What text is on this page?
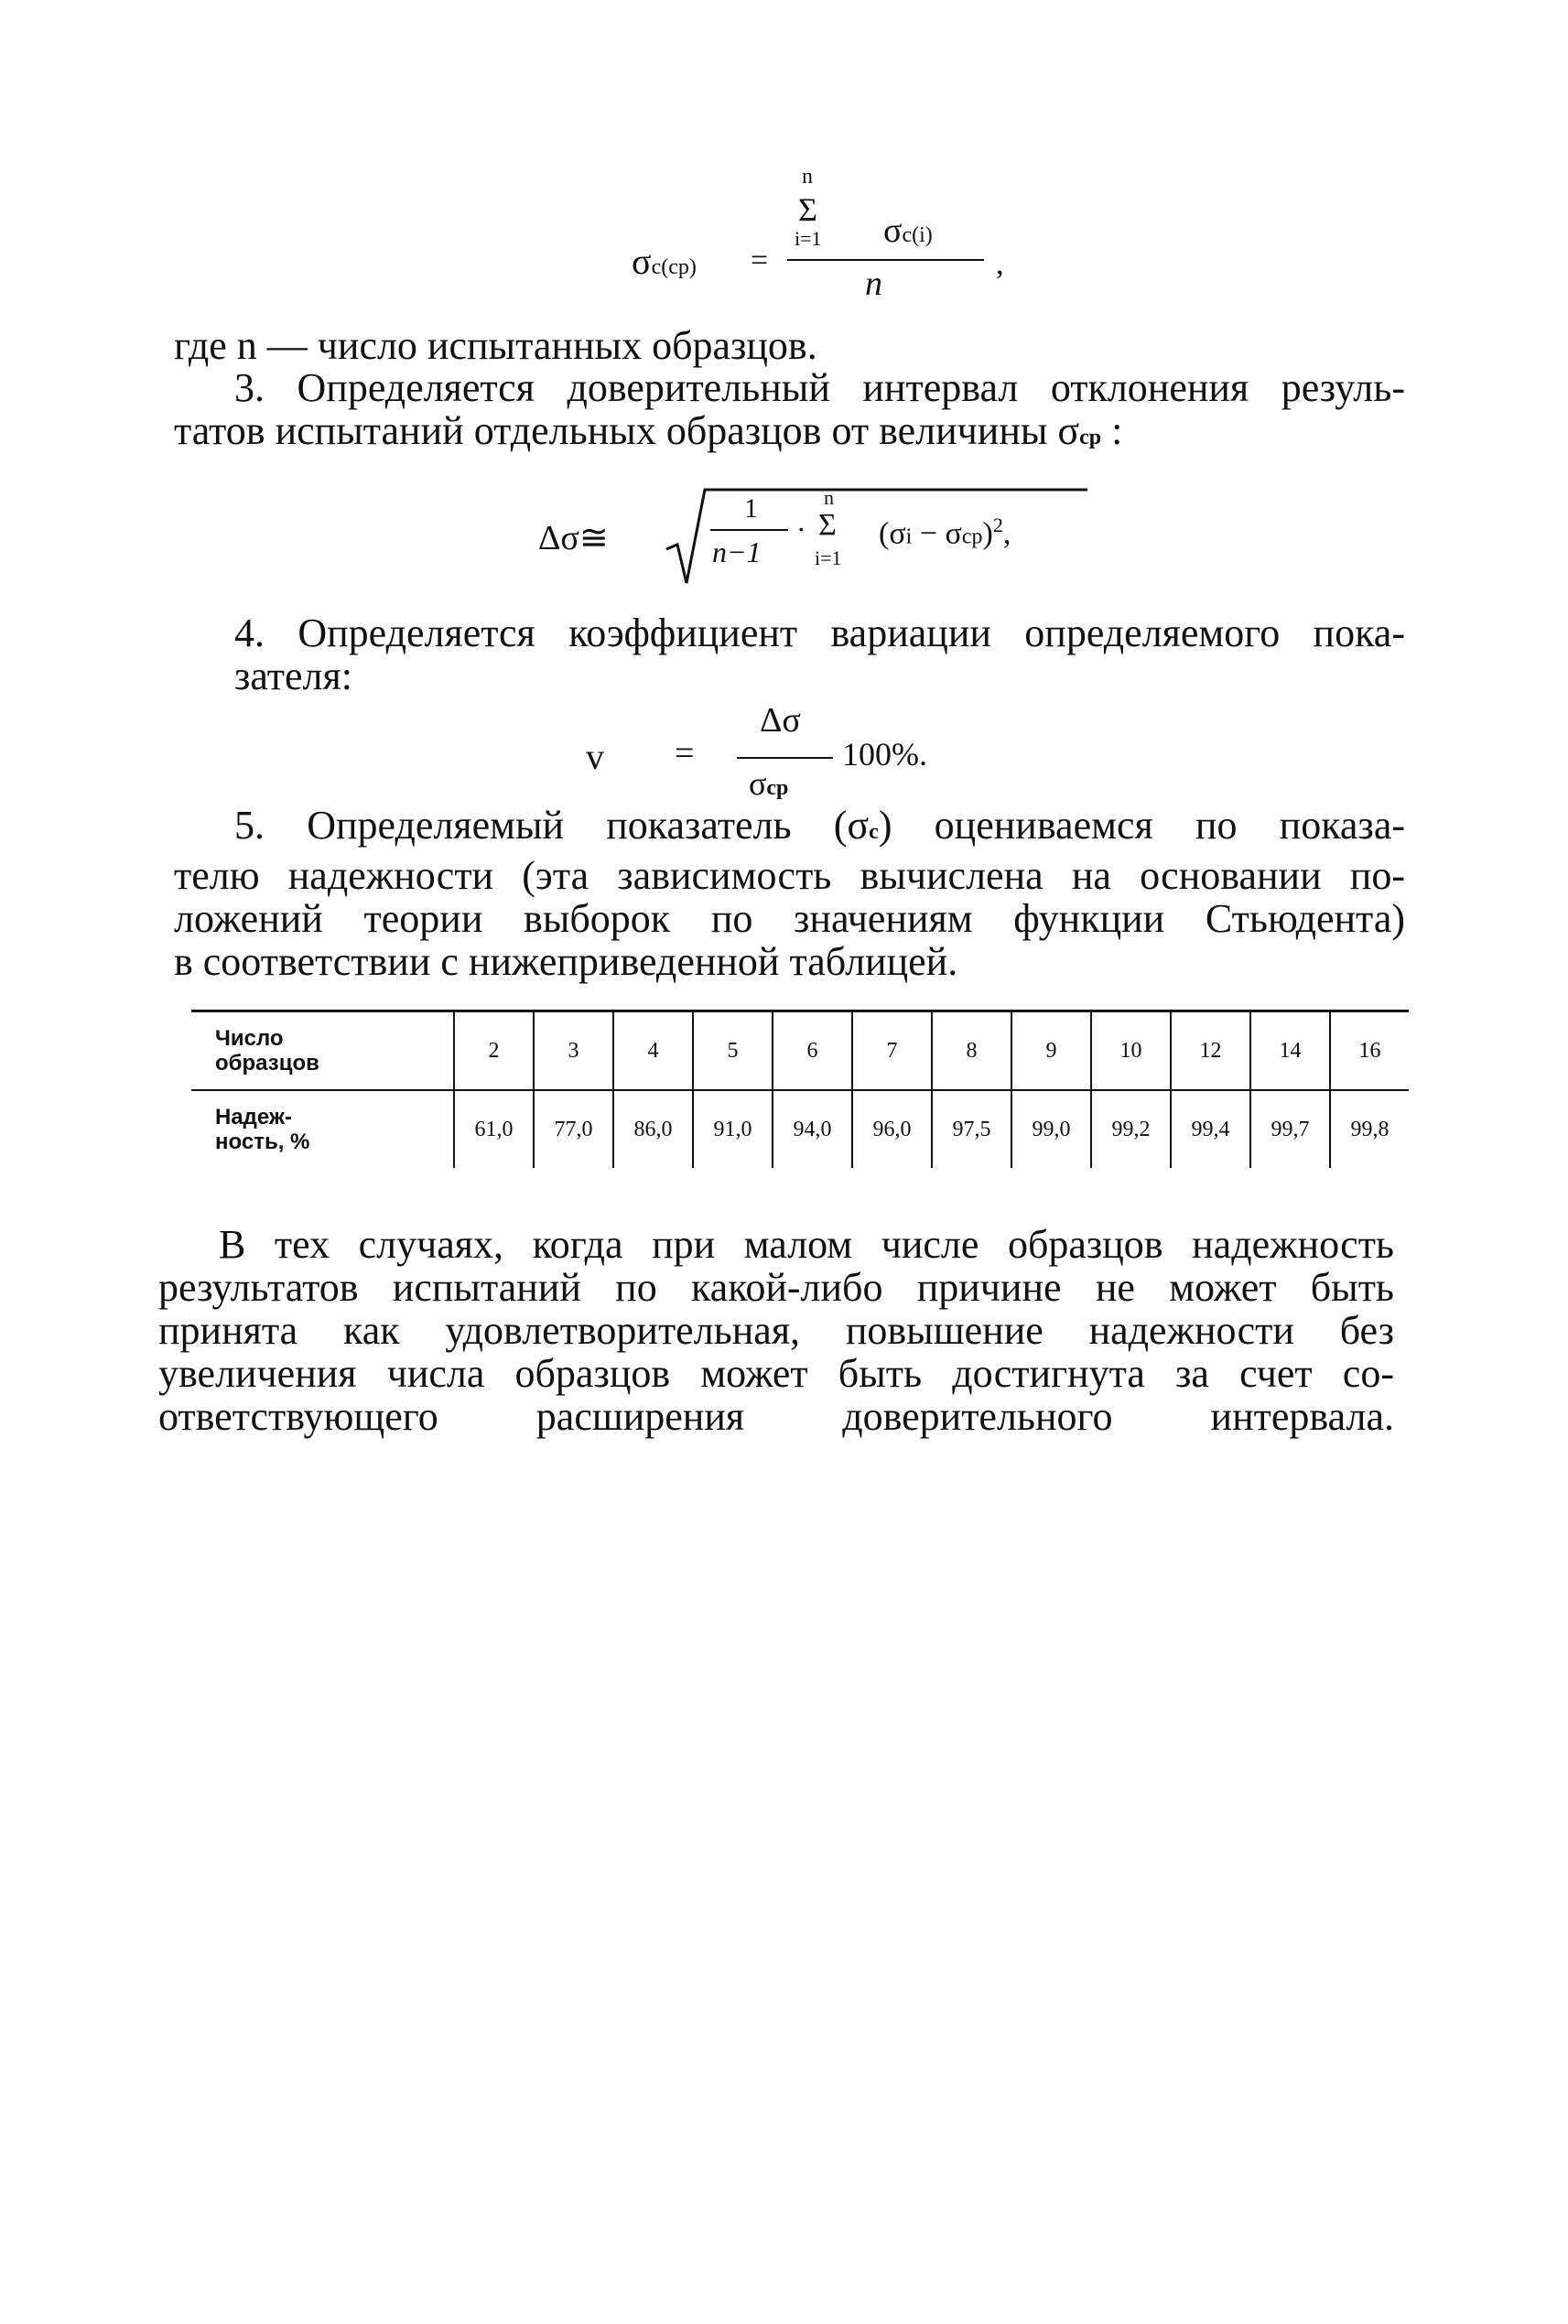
σc(cp) =
n
Σ
i=1 σc(i)
n
,
где n — число испытанных образцов.
3. Определяется доверительный интервал отклонения резуль-
татов испытаний отдельных образцов от величины σcp :
Δσ≅
1
n−1
·
n
Σ
i=1
$(\sigma i - \sigma cp)^2$,
4. Определяется коэффициент вариации определяемого пока-
зателя:
v =
Δσ
σcp
100%.
5. Определяемый показатель (σc) оцениваемся по показа-
телю надежности (эта зависимость вычислена на основании по-
ложений теории выборок по значениям функции Стьюдента)
в соответствии с нижеприведенной таблицей.
Число
образцов	2	3	4	5	6	7	8	9	10	12	14	16
Надеж-
ность, %	61,0	77,0	86,0	91,0	94,0	96,0	97,5	99,0	99,2	99,4	99,7	99,8
В тех случаях, когда при малом числе образцов надежность
результатов испытаний по какой-либо причине не может быть
принята как удовлетворительная, повышение надежности без
увеличения числа образцов может быть достигнута за счет со-
ответствующего расширения доверительного интервала.
